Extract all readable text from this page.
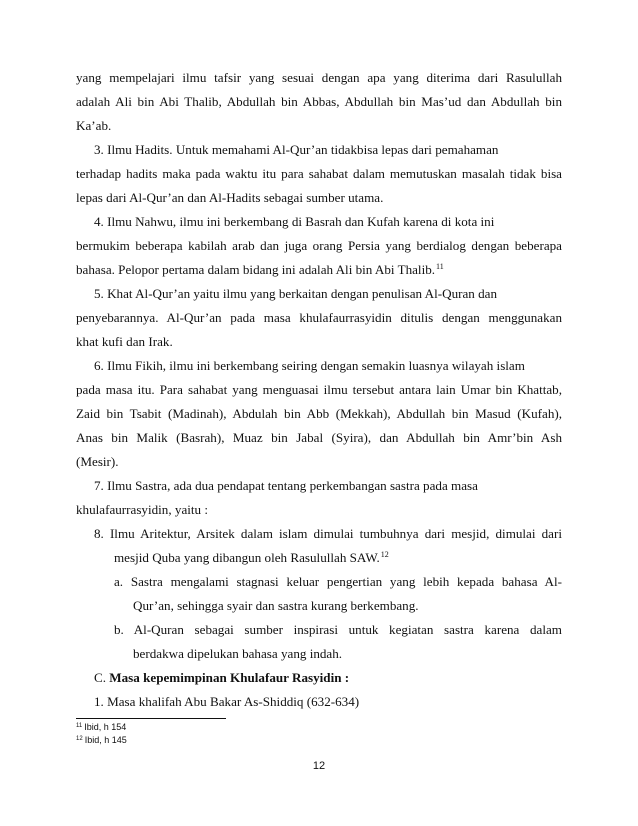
yang mempelajari ilmu tafsir yang sesuai dengan apa yang diterima dari Rasulullah
adalah Ali bin Abi Thalib, Abdullah bin Abbas, Abdullah bin Mas’ud dan Abdullah bin
Ka’ab.
3. Ilmu Hadits. Untuk memahami Al-Qur’an tidakbisa lepas dari pemahaman
terhadap hadits maka pada waktu itu para sahabat dalam memutuskan masalah tidak bisa
lepas dari Al-Qur’an dan Al-Hadits sebagai sumber utama.
4. Ilmu Nahwu, ilmu ini berkembang di Basrah dan Kufah karena di kota ini
bermukim beberapa kabilah arab dan juga orang Persia yang berdialog dengan beberapa
bahasa. Pelopor pertama dalam bidang ini adalah Ali bin Abi Thalib.$^{11}$
5. Khat Al-Qur’an yaitu ilmu yang berkaitan dengan penulisan Al-Quran dan
penyebarannya. Al-Qur’an pada masa khulafaurrasyidin ditulis dengan menggunakan
khat kufi dan Irak.
6. Ilmu Fikih, ilmu ini berkembang seiring dengan semakin luasnya wilayah islam
pada masa itu. Para sahabat yang menguasai ilmu tersebut antara lain Umar bin Khattab,
Zaid bin Tsabit (Madinah), Abdulah bin Abb (Mekkah), Abdullah bin Masud (Kufah),
Anas bin Malik (Basrah), Muaz bin Jabal (Syira), dan Abdullah bin Amr’bin Ash
(Mesir).
7. Ilmu Sastra, ada dua pendapat tentang perkembangan sastra pada masa
khulafaurrasyidin, yaitu :
8. Ilmu Aritektur, Arsitek dalam islam dimulai tumbuhnya dari mesjid, dimulai dari
mesjid Quba yang dibangun oleh Rasulullah SAW.$^{12}$
a. Sastra mengalami stagnasi keluar pengertian yang lebih kepada bahasa Al-
Qur’an, sehingga syair dan sastra kurang berkembang.
b. Al-Quran sebagai sumber inspirasi untuk kegiatan sastra karena dalam
berdakwa dipelukan bahasa yang indah.
C. Masa kepemimpinan Khulafaur Rasyidin :
1. Masa khalifah Abu Bakar As-Shiddiq (632-634)
$^{11}$ Ibid, h 154
$^{12}$ Ibid, h 145
12
